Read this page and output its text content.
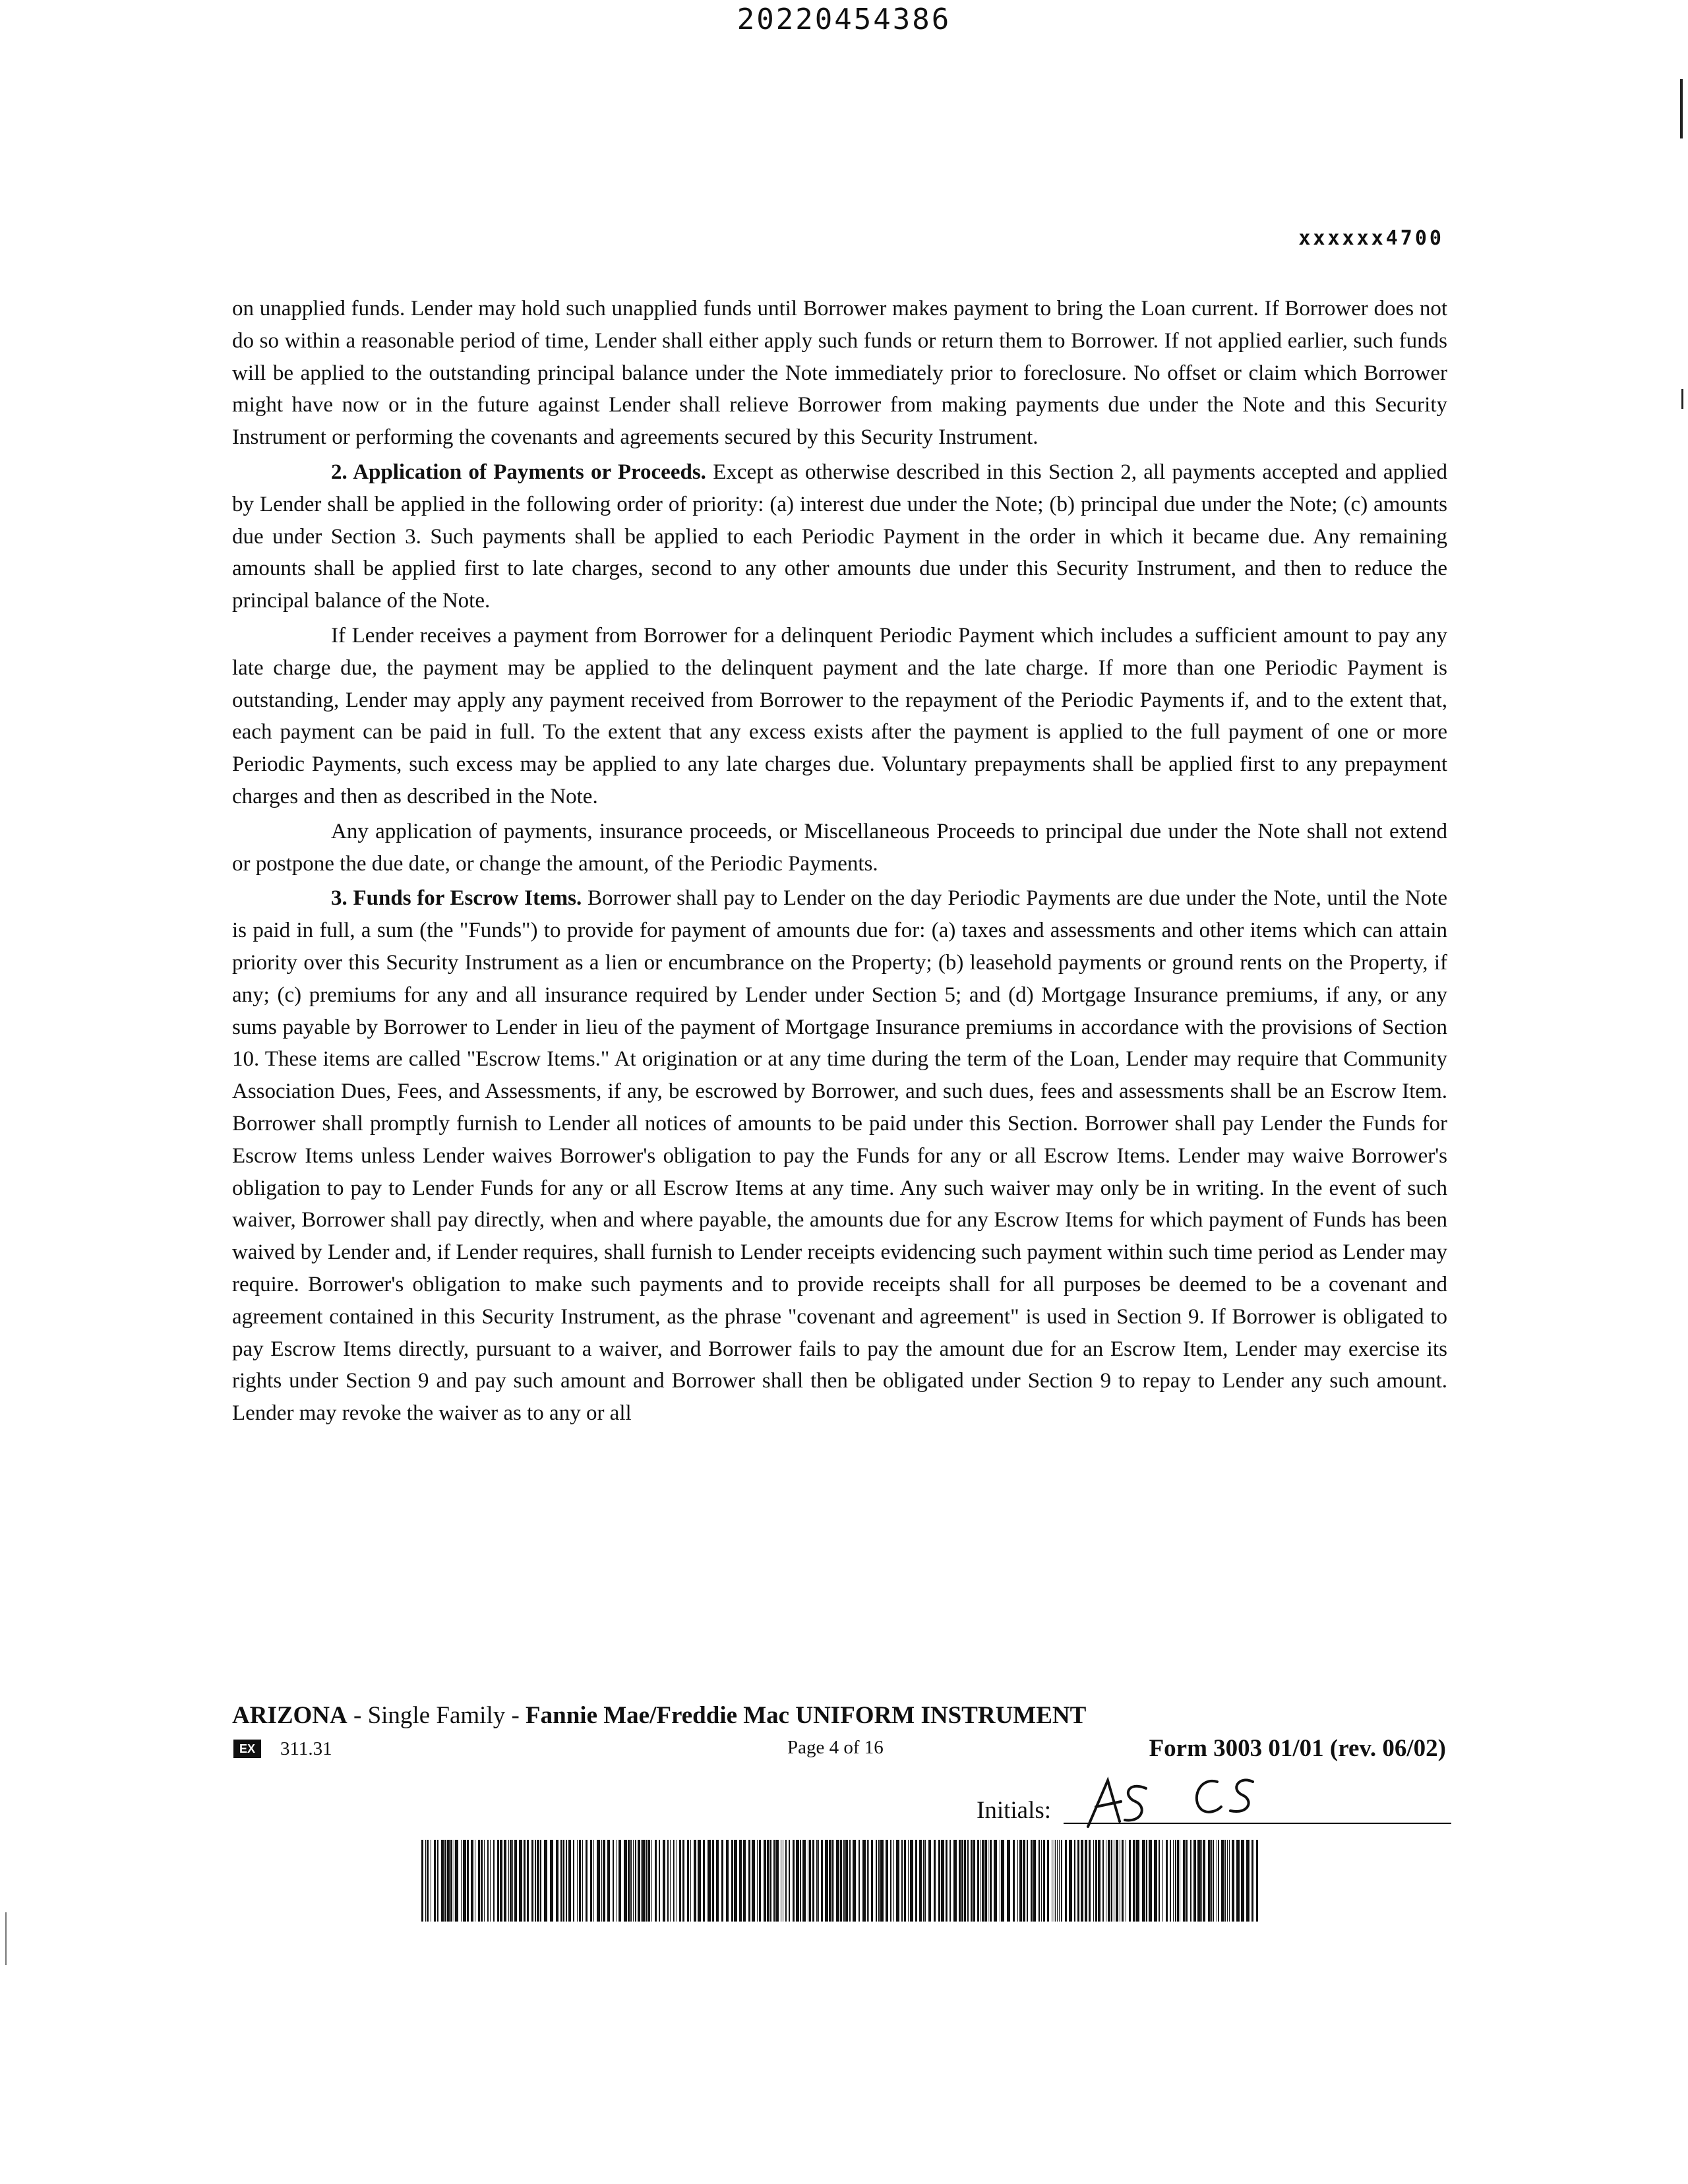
20220454386
xxxxxx4700

on unapplied funds. Lender may hold such unapplied funds until Borrower makes payment to bring the Loan current. If Borrower does not do so within a reasonable period of time, Lender shall either apply such funds or return them to Borrower. If not applied earlier, such funds will be applied to the outstanding principal balance under the Note immediately prior to foreclosure. No offset or claim which Borrower might have now or in the future against Lender shall relieve Borrower from making payments due under the Note and this Security Instrument or performing the covenants and agreements secured by this Security Instrument.

2. Application of Payments or Proceeds. Except as otherwise described in this Section 2, all payments accepted and applied by Lender shall be applied in the following order of priority: (a) interest due under the Note; (b) principal due under the Note; (c) amounts due under Section 3. Such payments shall be applied to each Periodic Payment in the order in which it became due. Any remaining amounts shall be applied first to late charges, second to any other amounts due under this Security Instrument, and then to reduce the principal balance of the Note.

If Lender receives a payment from Borrower for a delinquent Periodic Payment which includes a sufficient amount to pay any late charge due, the payment may be applied to the delinquent payment and the late charge. If more than one Periodic Payment is outstanding, Lender may apply any payment received from Borrower to the repayment of the Periodic Payments if, and to the extent that, each payment can be paid in full. To the extent that any excess exists after the payment is applied to the full payment of one or more Periodic Payments, such excess may be applied to any late charges due. Voluntary prepayments shall be applied first to any prepayment charges and then as described in the Note.

Any application of payments, insurance proceeds, or Miscellaneous Proceeds to principal due under the Note shall not extend or postpone the due date, or change the amount, of the Periodic Payments.

3. Funds for Escrow Items. Borrower shall pay to Lender on the day Periodic Payments are due under the Note, until the Note is paid in full, a sum (the "Funds") to provide for payment of amounts due for: (a) taxes and assessments and other items which can attain priority over this Security Instrument as a lien or encumbrance on the Property; (b) leasehold payments or ground rents on the Property, if any; (c) premiums for any and all insurance required by Lender under Section 5; and (d) Mortgage Insurance premiums, if any, or any sums payable by Borrower to Lender in lieu of the payment of Mortgage Insurance premiums in accordance with the provisions of Section 10. These items are called "Escrow Items." At origination or at any time during the term of the Loan, Lender may require that Community Association Dues, Fees, and Assessments, if any, be escrowed by Borrower, and such dues, fees and assessments shall be an Escrow Item. Borrower shall promptly furnish to Lender all notices of amounts to be paid under this Section. Borrower shall pay Lender the Funds for Escrow Items unless Lender waives Borrower's obligation to pay the Funds for any or all Escrow Items. Lender may waive Borrower's obligation to pay to Lender Funds for any or all Escrow Items at any time. Any such waiver may only be in writing. In the event of such waiver, Borrower shall pay directly, when and where payable, the amounts due for any Escrow Items for which payment of Funds has been waived by Lender and, if Lender requires, shall furnish to Lender receipts evidencing such payment within such time period as Lender may require. Borrower's obligation to make such payments and to provide receipts shall for all purposes be deemed to be a covenant and agreement contained in this Security Instrument, as the phrase "covenant and agreement" is used in Section 9. If Borrower is obligated to pay Escrow Items directly, pursuant to a waiver, and Borrower fails to pay the amount due for an Escrow Item, Lender may exercise its rights under Section 9 and pay such amount and Borrower shall then be obligated under Section 9 to repay to Lender any such amount. Lender may revoke the waiver as to any or all

ARIZONA - Single Family - Fannie Mae/Freddie Mac UNIFORM INSTRUMENT
EX	311.31	Page 4 of 16	Form 3003 01/01 (rev. 06/02)
Initials:
